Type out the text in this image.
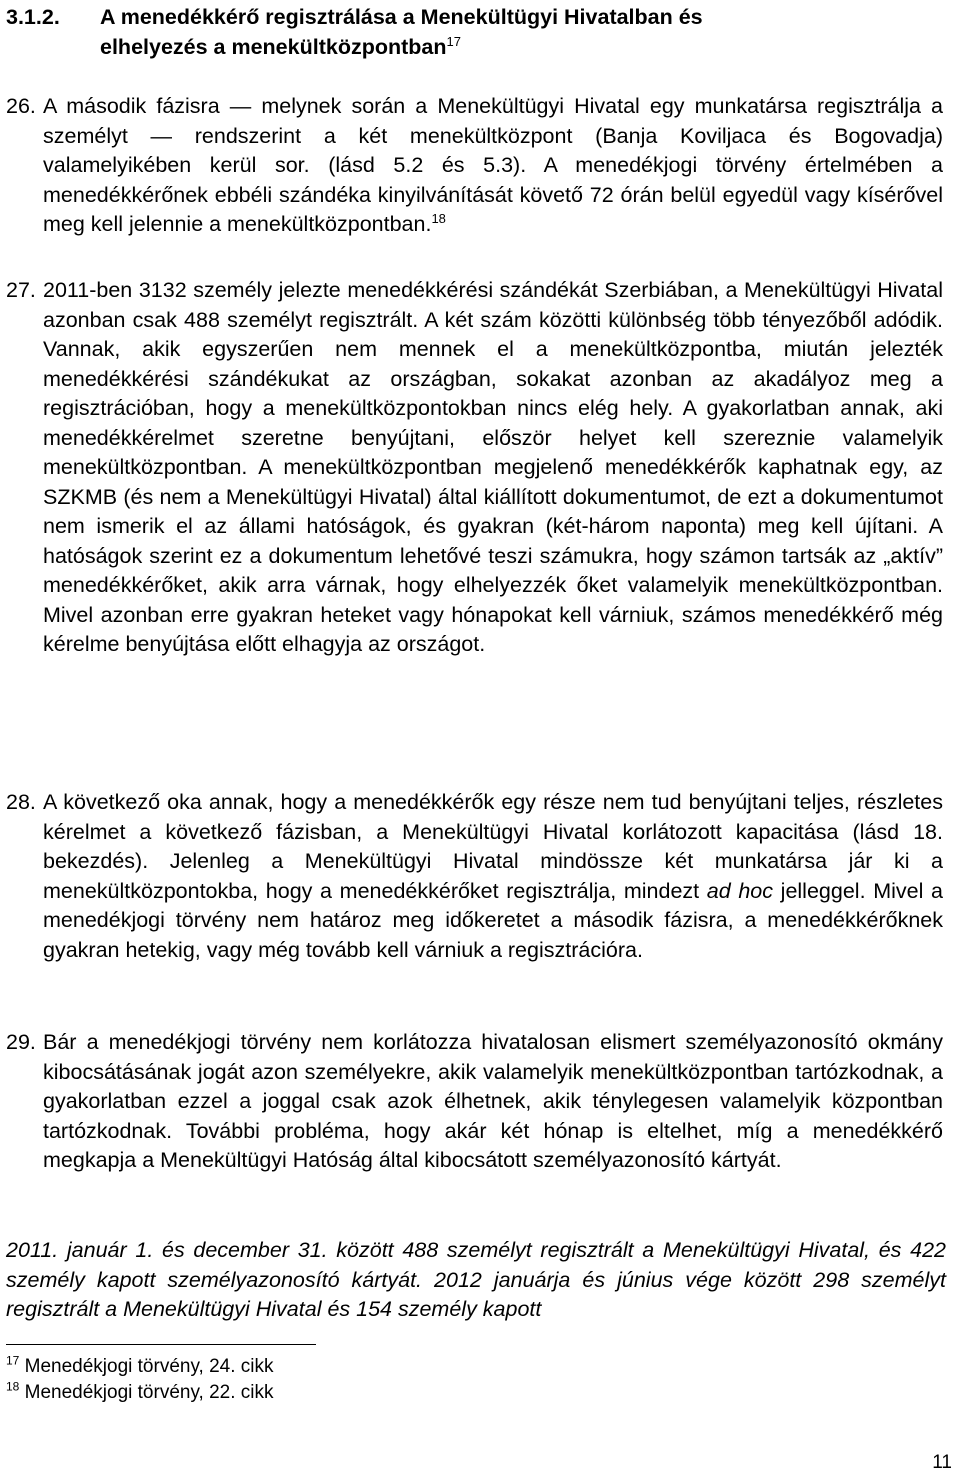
3.1.2. A menedékkérő regisztrálása a Menekültügyi Hivatalban és
elhelyezés a menekültközpontban$^{17}$
26. A második fázisra — melynek során a Menekültügyi Hivatal egy munkatársa regisztrálja a személyt — rendszerint a két menekültközpont (Banja Koviljaca és Bogovadja) valamelyikében kerül sor. (lásd 5.2 és 5.3). A menedékjogi törvény értelmében a menedékkérőnek ebbéli szándéka kinyilvánítását követő 72 órán belül egyedül vagy kísérővel meg kell jelennie a menekültközpontban.$^{18}$

27. 2011-ben 3132 személy jelezte menedékkérési szándékát Szerbiában, a Menekültügyi Hivatal azonban csak 488 személyt regisztrált. A két szám közötti különbség több tényezőből adódik. Vannak, akik egyszerűen nem mennek el a menekültközpontba, miután jelezték menedékkérési szándékukat az országban, sokakat azonban az akadályoz meg a regisztrációban, hogy a menekültközpontokban nincs elég hely. A gyakorlatban annak, aki menedékkérelmet szeretne benyújtani, először helyet kell szereznie valamelyik menekültközpontban. A menekültközpontban megjelenő menedékkérők kaphatnak egy, az SZKMB (és nem a Menekültügyi Hivatal) által kiállított dokumentumot, de ezt a dokumentumot nem ismerik el az állami hatóságok, és gyakran (két-három naponta) meg kell újítani. A hatóságok szerint ez a dokumentum lehetővé teszi számukra, hogy számon tartsák az „aktív” menedékkérőket, akik arra várnak, hogy elhelyezzék őket valamelyik menekültközpontban. Mivel azonban erre gyakran heteket vagy hónapokat kell várniuk, számos menedékkérő még kérelme benyújtása előtt elhagyja az országot.

28. A következő oka annak, hogy a menedékkérők egy része nem tud benyújtani teljes, részletes kérelmet a következő fázisban, a Menekültügyi Hivatal korlátozott kapacitása (lásd 18. bekezdés). Jelenleg a Menekültügyi Hivatal mindössze két munkatársa jár ki a menekültközpontokba, hogy a menedékkérőket regisztrálja, mindezt ad hoc jelleggel. Mivel a menedékjogi törvény nem határoz meg időkeretet a második fázisra, a menedékkérőknek gyakran hetekig, vagy még tovább kell várniuk a regisztrációra.

29. Bár a menedékjogi törvény nem korlátozza hivatalosan elismert személyazonosító okmány kibocsátásának jogát azon személyekre, akik valamelyik menekültközpontban tartózkodnak, a gyakorlatban ezzel a joggal csak azok élhetnek, akik ténylegesen valamelyik központban tartózkodnak. További probléma, hogy akár két hónap is eltelhet, míg a menedékkérő megkapja a Menekültügyi Hatóság által kibocsátott személyazonosító kártyát.

2011. január 1. és december 31. között 488 személyt regisztrált a Menekültügyi Hivatal, és 422 személy kapott személyazonosító kártyát. 2012 januárja és június vége között 298 személyt regisztrált a Menekültügyi Hivatal és 154 személy kapott
$^{17}$ Menedékjogi törvény, 24. cikk
$^{18}$ Menedékjogi törvény, 22. cikk
11
